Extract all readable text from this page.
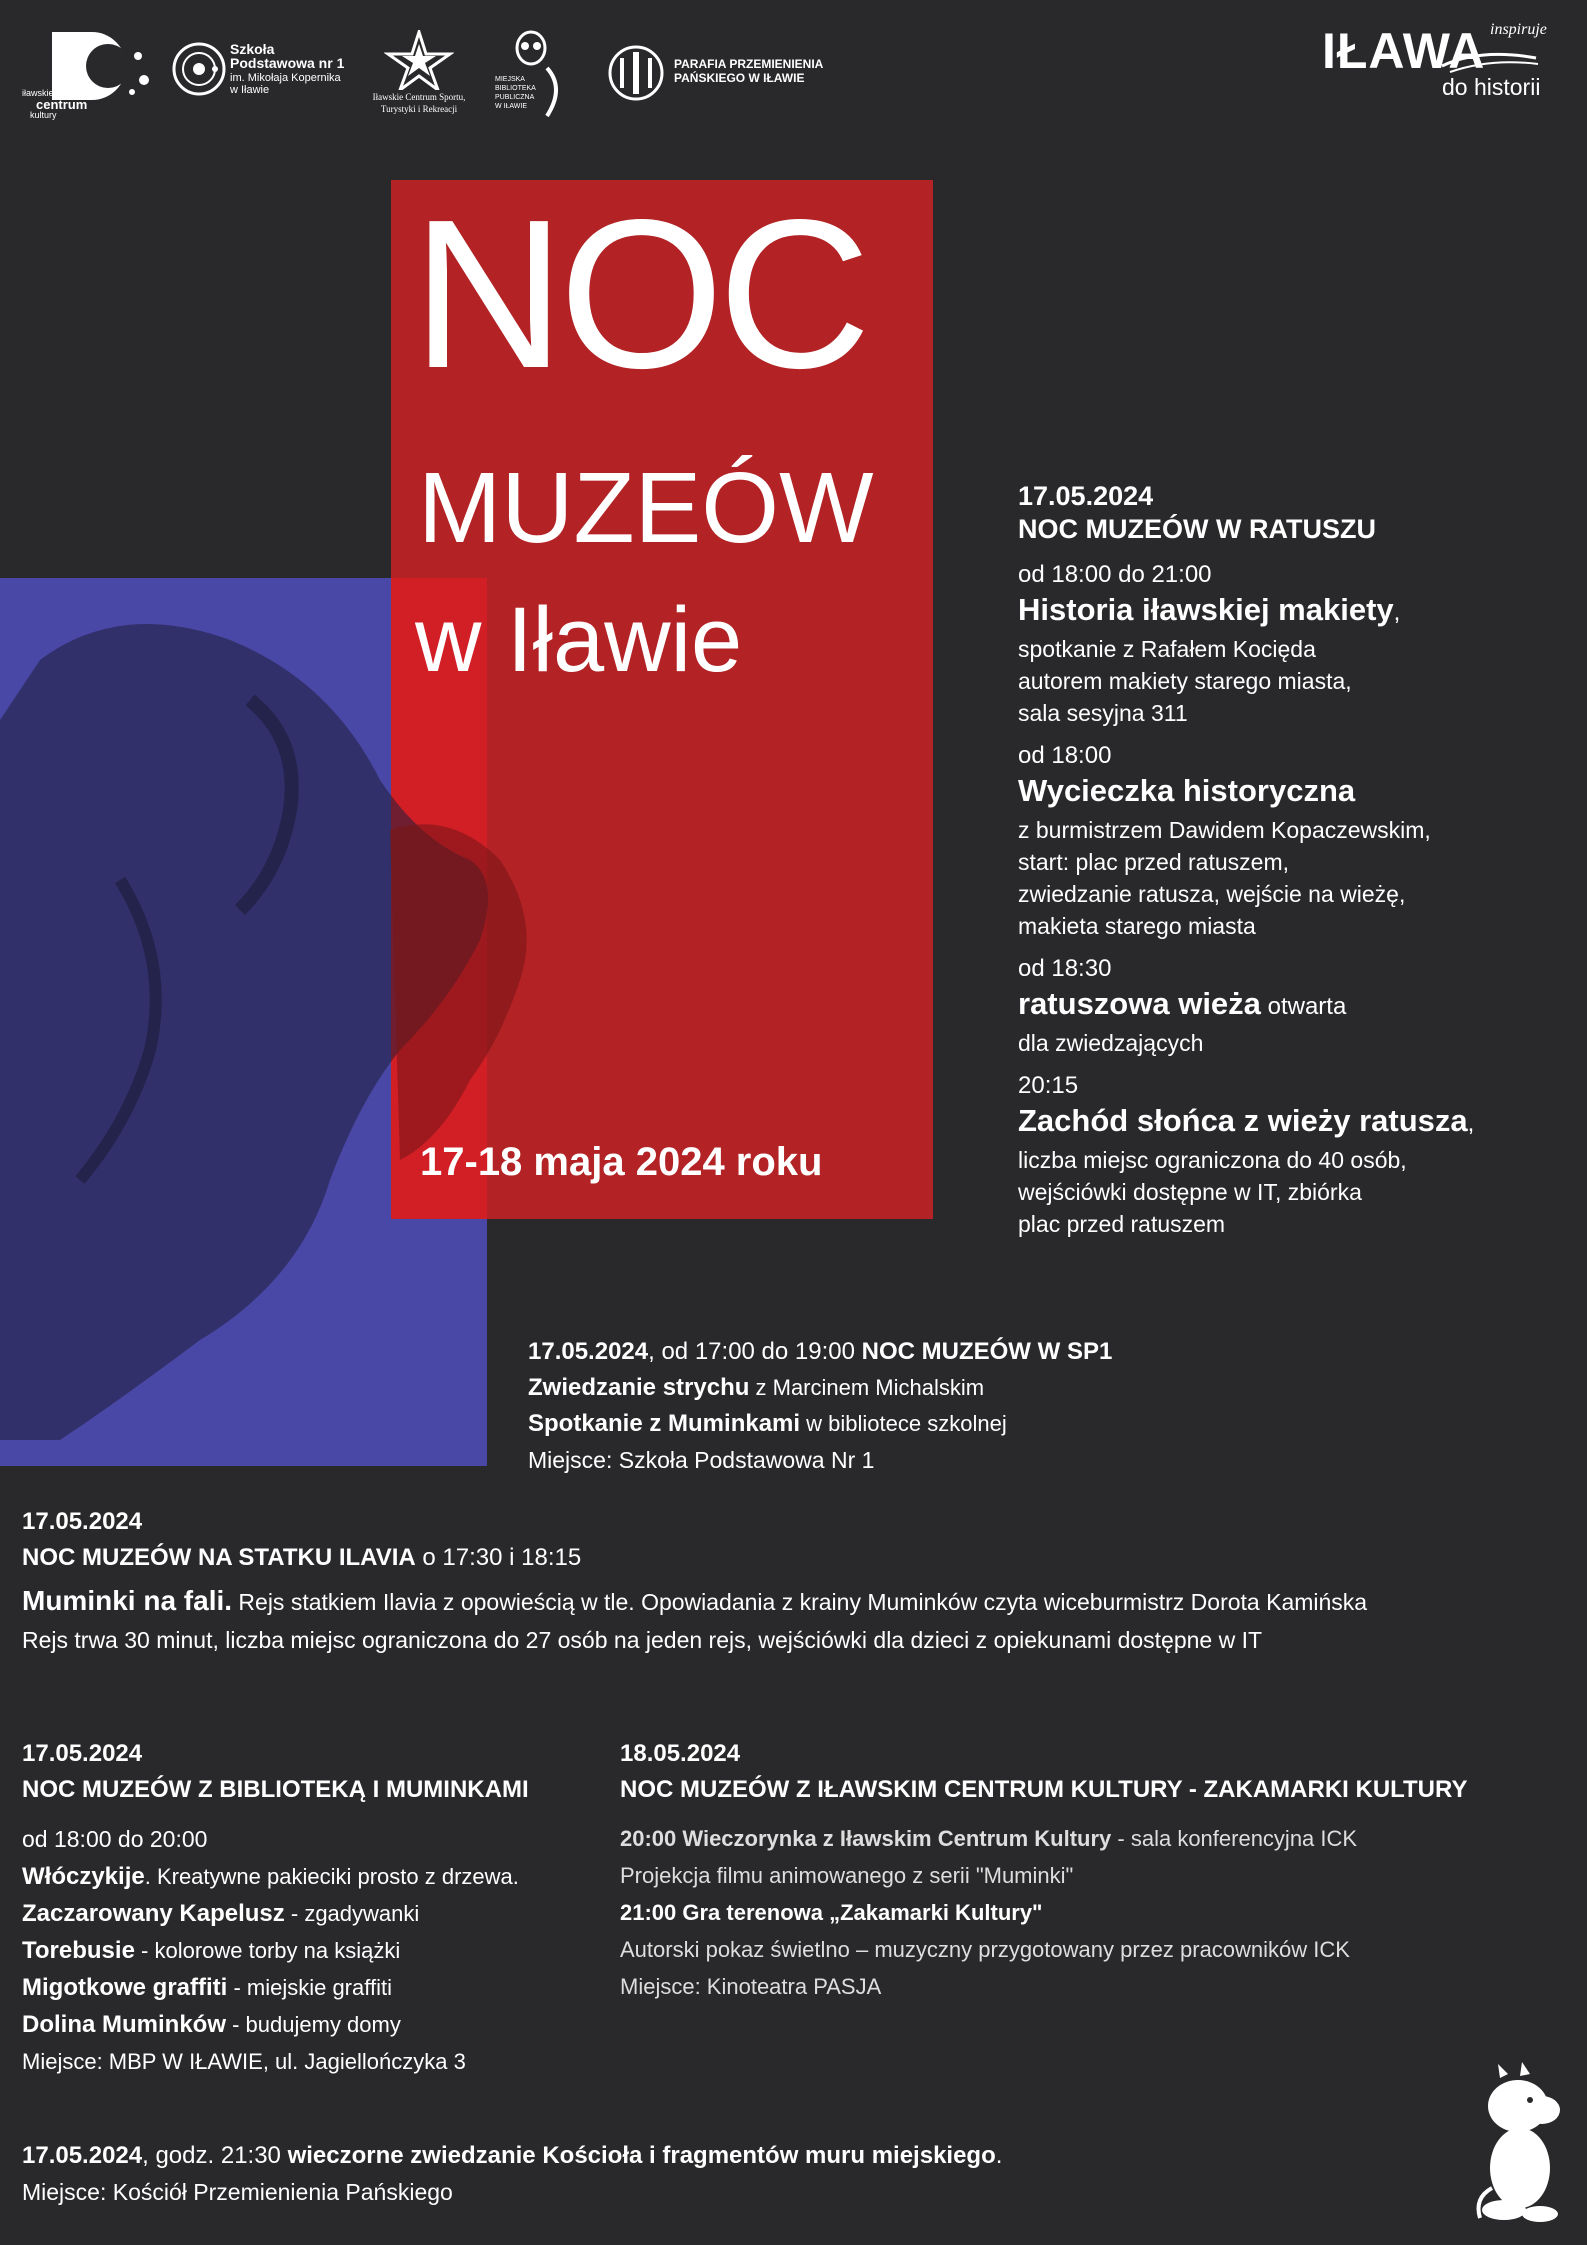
iławskie
centrum
kultury
Szkoła
Podstawowa nr 1
im. Mikołaja Kopernika
w Iławie
Iławskie Centrum Sportu,
Turystyki i Rekreacji
MIEJSKA
BIBLIOTEKA
PUBLICZNA
W IŁAWIE
PARAFIA PRZEMIENIENIA
PAŃSKIEGO W IŁAWIE	IŁAWA inspiruje
do historii
NOC
MUZEÓW
w Iławie
17-18 maja 2024 roku

17.05.2024

NOC MUZEÓW W RATUSZU

od 18:00 do 21:00

Historia iławskiej makiety,

spotkanie z Rafałem Kocięda

autorem makiety starego miasta,

sala sesyjna 311

od 18:00

Wycieczka historyczna

z burmistrzem Dawidem Kopaczewskim,

start: plac przed ratuszem,

zwiedzanie ratusza, wejście na wieżę,

makieta starego miasta

od 18:30

ratuszowa wieża otwarta

dla zwiedzających

20:15

Zachód słońca z wieży ratusza,

liczba miejsc ograniczona do 40 osób,

wejściówki dostępne w IT, zbiórka

plac przed ratuszem

17.05.2024, od 17:00 do 19:00 NOC MUZEÓW W SP1

Zwiedzanie strychu z Marcinem Michalskim

Spotkanie z Muminkami w bibliotece szkolnej

Miejsce: Szkoła Podstawowa Nr 1

17.05.2024

NOC MUZEÓW NA STATKU ILAVIA o 17:30 i 18:15

Muminki na fali. Rejs statkiem Ilavia z opowieścią w tle. Opowiadania z krainy Muminków czyta wiceburmistrz Dorota Kamińska

Rejs trwa 30 minut, liczba miejsc ograniczona do 27 osób na jeden rejs, wejściówki dla dzieci z opiekunami dostępne w IT

17.05.2024

NOC MUZEÓW Z BIBLIOTEKĄ I MUMINKAMI

od 18:00 do 20:00

Włóczykije. Kreatywne pakieciki prosto z drzewa.

Zaczarowany Kapelusz - zgadywanki

Torebusie - kolorowe torby na książki

Migotkowe graffiti - miejskie graffiti

Dolina Muminków - budujemy domy

Miejsce: MBP W IŁAWIE, ul. Jagiellończyka 3

18.05.2024

NOC MUZEÓW Z IŁAWSKIM CENTRUM KULTURY - ZAKAMARKI KULTURY

20:00 Wieczorynka z Iławskim Centrum Kultury - sala konferencyjna ICK

Projekcja filmu animowanego z serii "Muminki"

21:00 Gra terenowa „Zakamarki Kultury"

Autorski pokaz świetlno – muzyczny przygotowany przez pracowników ICK

Miejsce: Kinoteatra PASJA

17.05.2024, godz. 21:30 wieczorne zwiedzanie Kościoła i fragmentów muru miejskiego.

Miejsce: Kościół Przemienienia Pańskiego
